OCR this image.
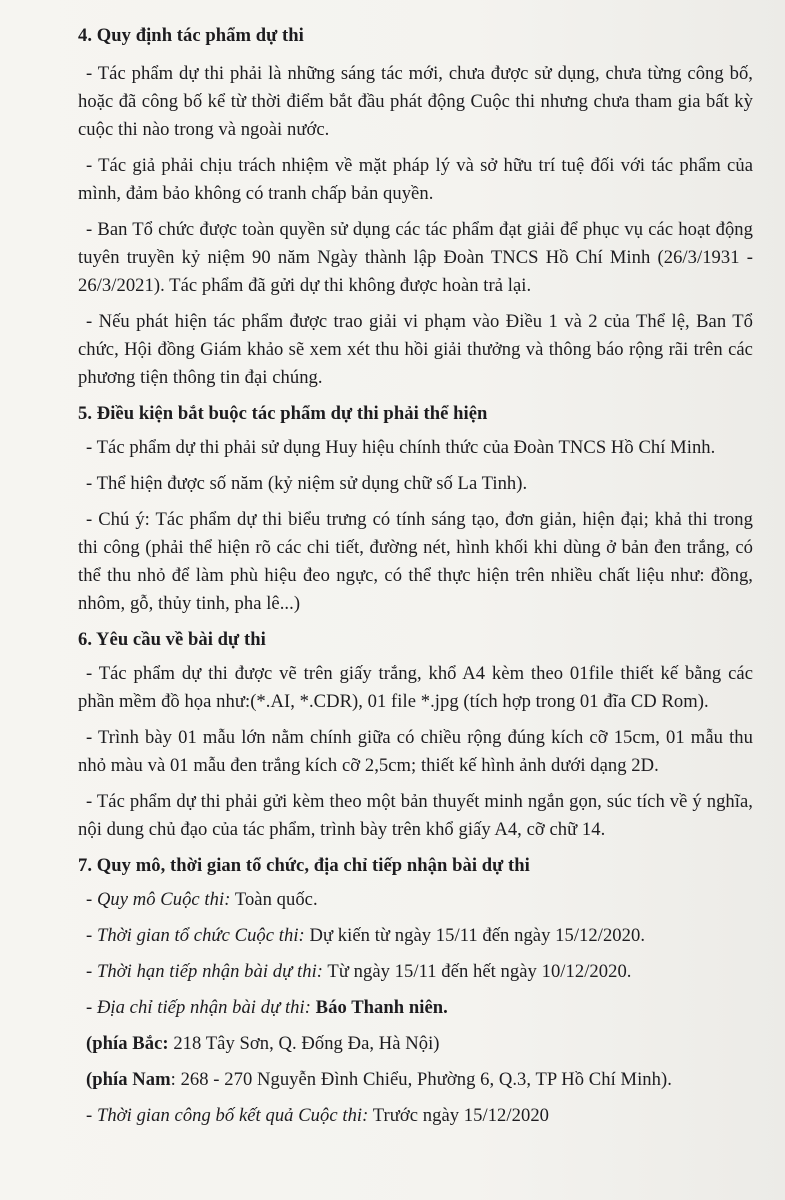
4. Quy định tác phẩm dự thi

- Tác phẩm dự thi phải là những sáng tác mới, chưa được sử dụng, chưa từng công bố, hoặc đã công bố kể từ thời điểm bắt đầu phát động Cuộc thi nhưng chưa tham gia bất kỳ cuộc thi nào trong và ngoài nước.

- Tác giả phải chịu trách nhiệm về mặt pháp lý và sở hữu trí tuệ đối với tác phẩm của mình, đảm bảo không có tranh chấp bản quyền.

- Ban Tổ chức được toàn quyền sử dụng các tác phẩm đạt giải để phục vụ các hoạt động tuyên truyền kỷ niệm 90 năm Ngày thành lập Đoàn TNCS Hồ Chí Minh (26/3/1931 - 26/3/2021). Tác phẩm đã gửi dự thi không được hoàn trả lại.

- Nếu phát hiện tác phẩm được trao giải vi phạm vào Điều 1 và 2 của Thể lệ, Ban Tổ chức, Hội đồng Giám khảo sẽ xem xét thu hồi giải thưởng và thông báo rộng rãi trên các phương tiện thông tin đại chúng.

5. Điều kiện bắt buộc tác phẩm dự thi phải thể hiện

- Tác phẩm dự thi phải sử dụng Huy hiệu chính thức của Đoàn TNCS Hồ Chí Minh.

- Thể hiện được số năm (kỷ niệm sử dụng chữ số La Tinh).

- Chú ý: Tác phẩm dự thi biểu trưng có tính sáng tạo, đơn giản, hiện đại; khả thi trong thi công (phải thể hiện rõ các chi tiết, đường nét, hình khối khi dùng ở bản đen trắng, có thể thu nhỏ để làm phù hiệu đeo ngực, có thể thực hiện trên nhiều chất liệu như: đồng, nhôm, gỗ, thủy tinh, pha lê...)

6. Yêu cầu về bài dự thi

- Tác phẩm dự thi được vẽ trên giấy trắng, khổ A4 kèm theo 01file thiết kế bằng các phần mềm đồ họa như:(*.AI, *.CDR), 01 file *.jpg (tích hợp trong 01 đĩa CD Rom).

- Trình bày 01 mẫu lớn nằm chính giữa có chiều rộng đúng kích cỡ 15cm, 01 mẫu thu nhỏ màu và 01 mẫu đen trắng kích cỡ 2,5cm; thiết kế hình ảnh dưới dạng 2D.

- Tác phẩm dự thi phải gửi kèm theo một bản thuyết minh ngắn gọn, súc tích về ý nghĩa, nội dung chủ đạo của tác phẩm, trình bày trên khổ giấy A4, cỡ chữ 14.

7. Quy mô, thời gian tổ chức, địa chỉ tiếp nhận bài dự thi

- Quy mô Cuộc thi: Toàn quốc.

- Thời gian tổ chức Cuộc thi: Dự kiến từ ngày 15/11 đến ngày 15/12/2020.

- Thời hạn tiếp nhận bài dự thi: Từ ngày 15/11 đến hết ngày 10/12/2020.

- Địa chỉ tiếp nhận bài dự thi: Báo Thanh niên.

(phía Bắc: 218 Tây Sơn, Q. Đống Đa, Hà Nội)

(phía Nam: 268 - 270 Nguyễn Đình Chiểu, Phường 6, Q.3, TP Hồ Chí Minh).

- Thời gian công bố kết quả Cuộc thi: Trước ngày 15/12/2020
